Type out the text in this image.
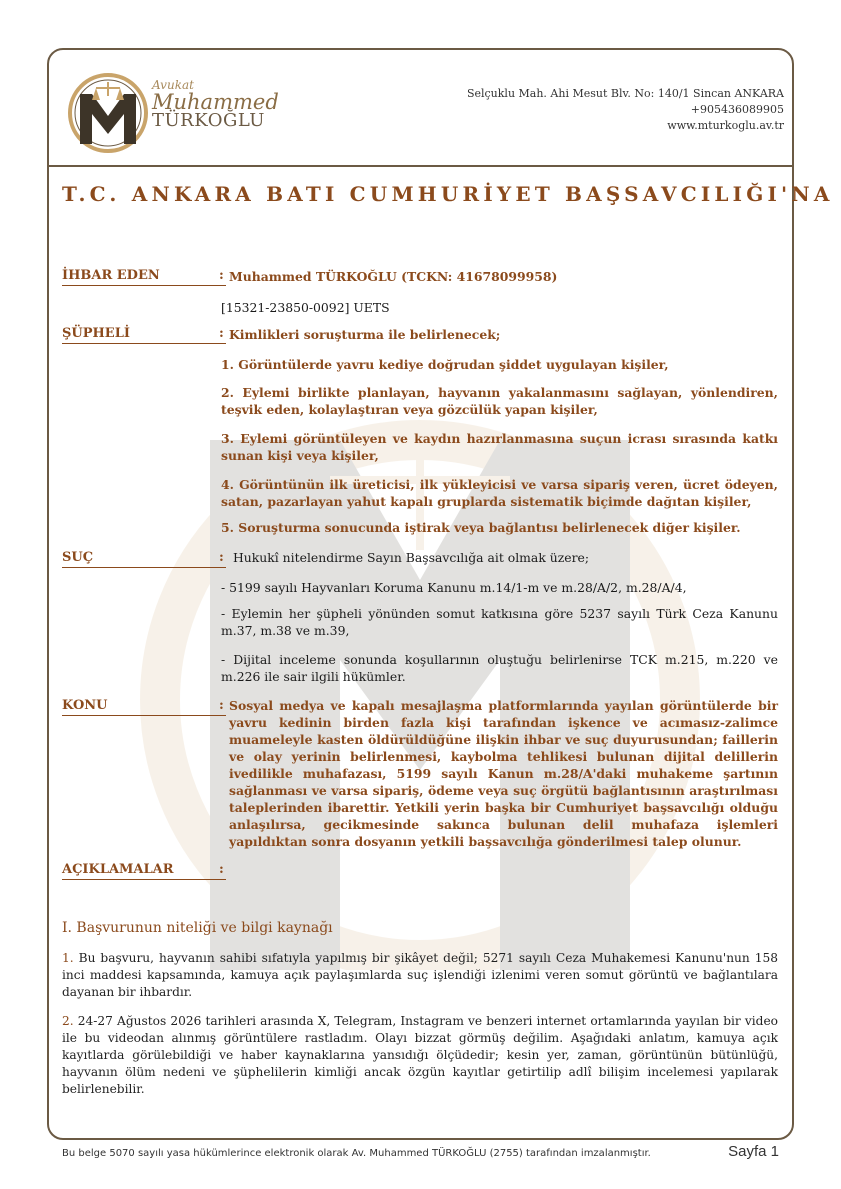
Avukat
Muhammed
TÜRKOĞLU
Selçuklu Mah. Ahi Mesut Blv. No: 140/1 Sincan ANKARA
+905436089905
www.mturkoglu.av.tr
T.C. ANKARA BATI CUMHURİYET BAŞSAVCILIĞI'NA
İHBAR EDEN	: Muhammed TÜRKOĞLU (TCKN: 41678099958)
[15321-23850-0092] UETS
ŞÜPHELİ	: Kimlikleri soruşturma ile belirlenecek;
1. Görüntülerde yavru kediye doğrudan şiddet uygulayan kişiler,
2. Eylemi birlikte planlayan, hayvanın yakalanmasını sağlayan, yönlendiren, teşvik eden, kolaylaştıran veya gözcülük yapan kişiler,
3. Eylemi görüntüleyen ve kaydın hazırlanmasına suçun icrası sırasında katkı sunan kişi veya kişiler,
4. Görüntünün ilk üreticisi, ilk yükleyicisi ve varsa sipariş veren, ücret ödeyen, satan, pazarlayan yahut kapalı gruplarda sistematik biçimde dağıtan kişiler,
5. Soruşturma sonucunda iştirak veya bağlantısı belirlenecek diğer kişiler.
SUÇ	: Hukukî nitelendirme Sayın Başsavcılığa ait olmak üzere;
- 5199 sayılı Hayvanları Koruma Kanunu m.14/1-m ve m.28/A/2, m.28/A/4,
- Eylemin her şüpheli yönünden somut katkısına göre 5237 sayılı Türk Ceza Kanunu m.37, m.38 ve m.39,
- Dijital inceleme sonunda koşullarının oluştuğu belirlenirse TCK m.215, m.220 ve m.226 ile sair ilgili hükümler.
KONU	: Sosyal medya ve kapalı mesajlaşma platformlarında yayılan görüntülerde bir yavru kedinin birden fazla kişi tarafından işkence ve acımasız-zalimce muameleyle kasten öldürüldüğüne ilişkin ihbar ve suç duyurusundan; faillerin ve olay yerinin belirlenmesi, kaybolma tehlikesi bulunan dijital delillerin ivedilikle muhafazası, 5199 sayılı Kanun m.28/A'daki muhakeme şartının sağlanması ve varsa sipariş, ödeme veya suç örgütü bağlantısının araştırılması taleplerinden ibarettir. Yetkili yerin başka bir Cumhuriyet başsavcılığı olduğu anlaşılırsa, gecikmesinde sakınca bulunan delil muhafaza işlemleri yapıldıktan sonra dosyanın yetkili başsavcılığa gönderilmesi talep olunur.
AÇIKLAMALAR	:
I. Başvurunun niteliği ve bilgi kaynağı
1. Bu başvuru, hayvanın sahibi sıfatıyla yapılmış bir şikâyet değil; 5271 sayılı Ceza Muhakemesi Kanunu'nun 158 inci maddesi kapsamında, kamuya açık paylaşımlarda suç işlendiği izlenimi veren somut görüntü ve bağlantılara dayanan bir ihbardır.
2. 24-27 Ağustos 2026 tarihleri arasında X, Telegram, Instagram ve benzeri internet ortamlarında yayılan bir video ile bu videodan alınmış görüntülere rastladım. Olayı bizzat görmüş değilim. Aşağıdaki anlatım, kamuya açık kayıtlarda görülebildiği ve haber kaynaklarına yansıdığı ölçüdedir; kesin yer, zaman, görüntünün bütünlüğü, hayvanın ölüm nedeni ve şüphelilerin kimliği ancak özgün kayıtlar getirtilip adlî bilişim incelemesi yapılarak belirlenebilir.
Bu belge 5070 sayılı yasa hükümlerince elektronik olarak Av. Muhammed TÜRKOĞLU (2755) tarafından imzalanmıştır.	Sayfa 1
